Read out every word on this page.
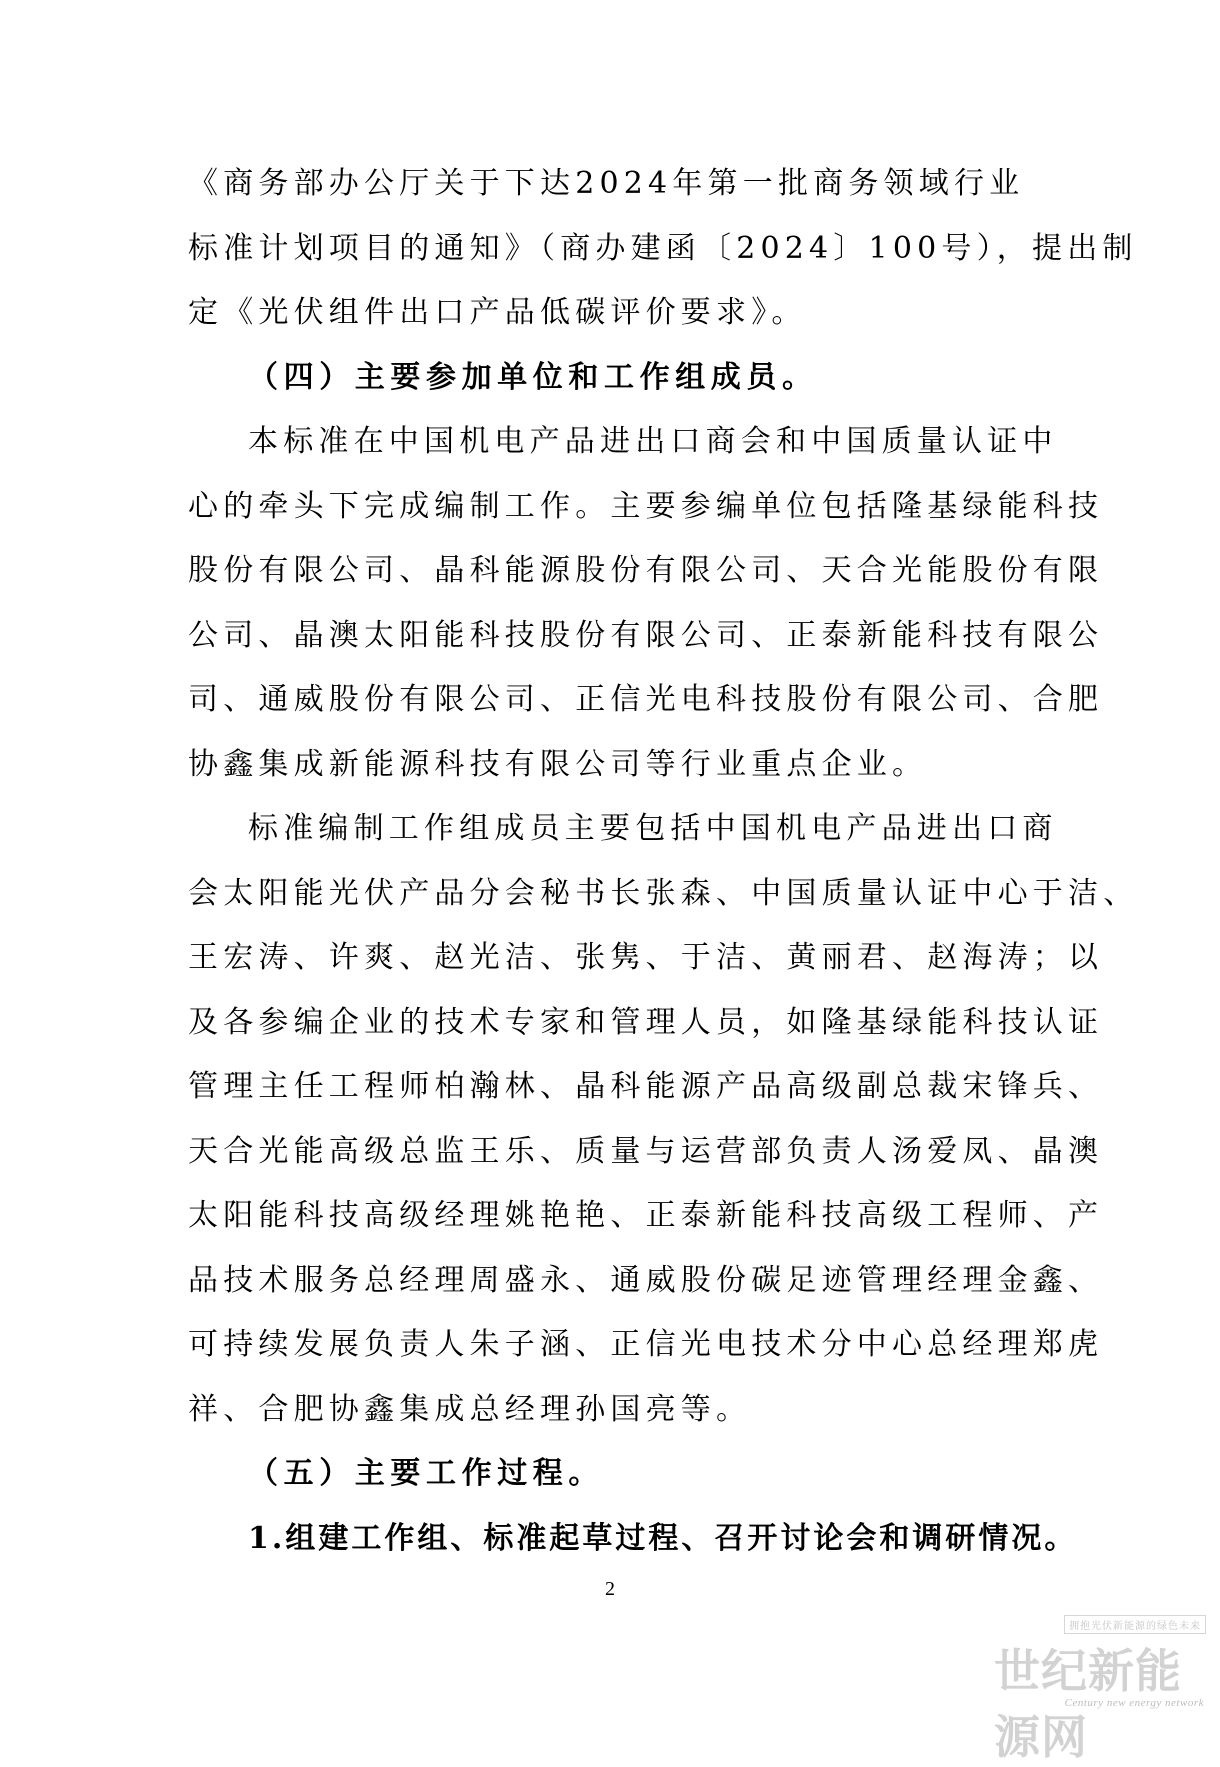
《商务部办公厅关于下达2024年第一批商务领域行业
标准计划项目的通知》（商办建函〔2024〕100号），提出制
定《光伏组件出口产品低碳评价要求》。
（四）主要参加单位和工作组成员。
本标准在中国机电产品进出口商会和中国质量认证中
心的牵头下完成编制工作。主要参编单位包括隆基绿能科技
股份有限公司、晶科能源股份有限公司、天合光能股份有限
公司、晶澳太阳能科技股份有限公司、正泰新能科技有限公
司、通威股份有限公司、正信光电科技股份有限公司、合肥
协鑫集成新能源科技有限公司等行业重点企业。
标准编制工作组成员主要包括中国机电产品进出口商
会太阳能光伏产品分会秘书长张森、中国质量认证中心于洁、
王宏涛、许爽、赵光洁、张隽、于洁、黄丽君、赵海涛；以
及各参编企业的技术专家和管理人员，如隆基绿能科技认证
管理主任工程师柏瀚林、晶科能源产品高级副总裁宋锋兵、
天合光能高级总监王乐、质量与运营部负责人汤爱凤、晶澳
太阳能科技高级经理姚艳艳、正泰新能科技高级工程师、产
品技术服务总经理周盛永、通威股份碳足迹管理经理金鑫、
可持续发展负责人朱子涵、正信光电技术分中心总经理郑虎
祥、合肥协鑫集成总经理孙国亮等。
（五）主要工作过程。
1.组建工作组、标准起草过程、召开讨论会和调研情况。
2
拥抱光伏新能源的绿色未来
世纪新能源网
Century new energy network
